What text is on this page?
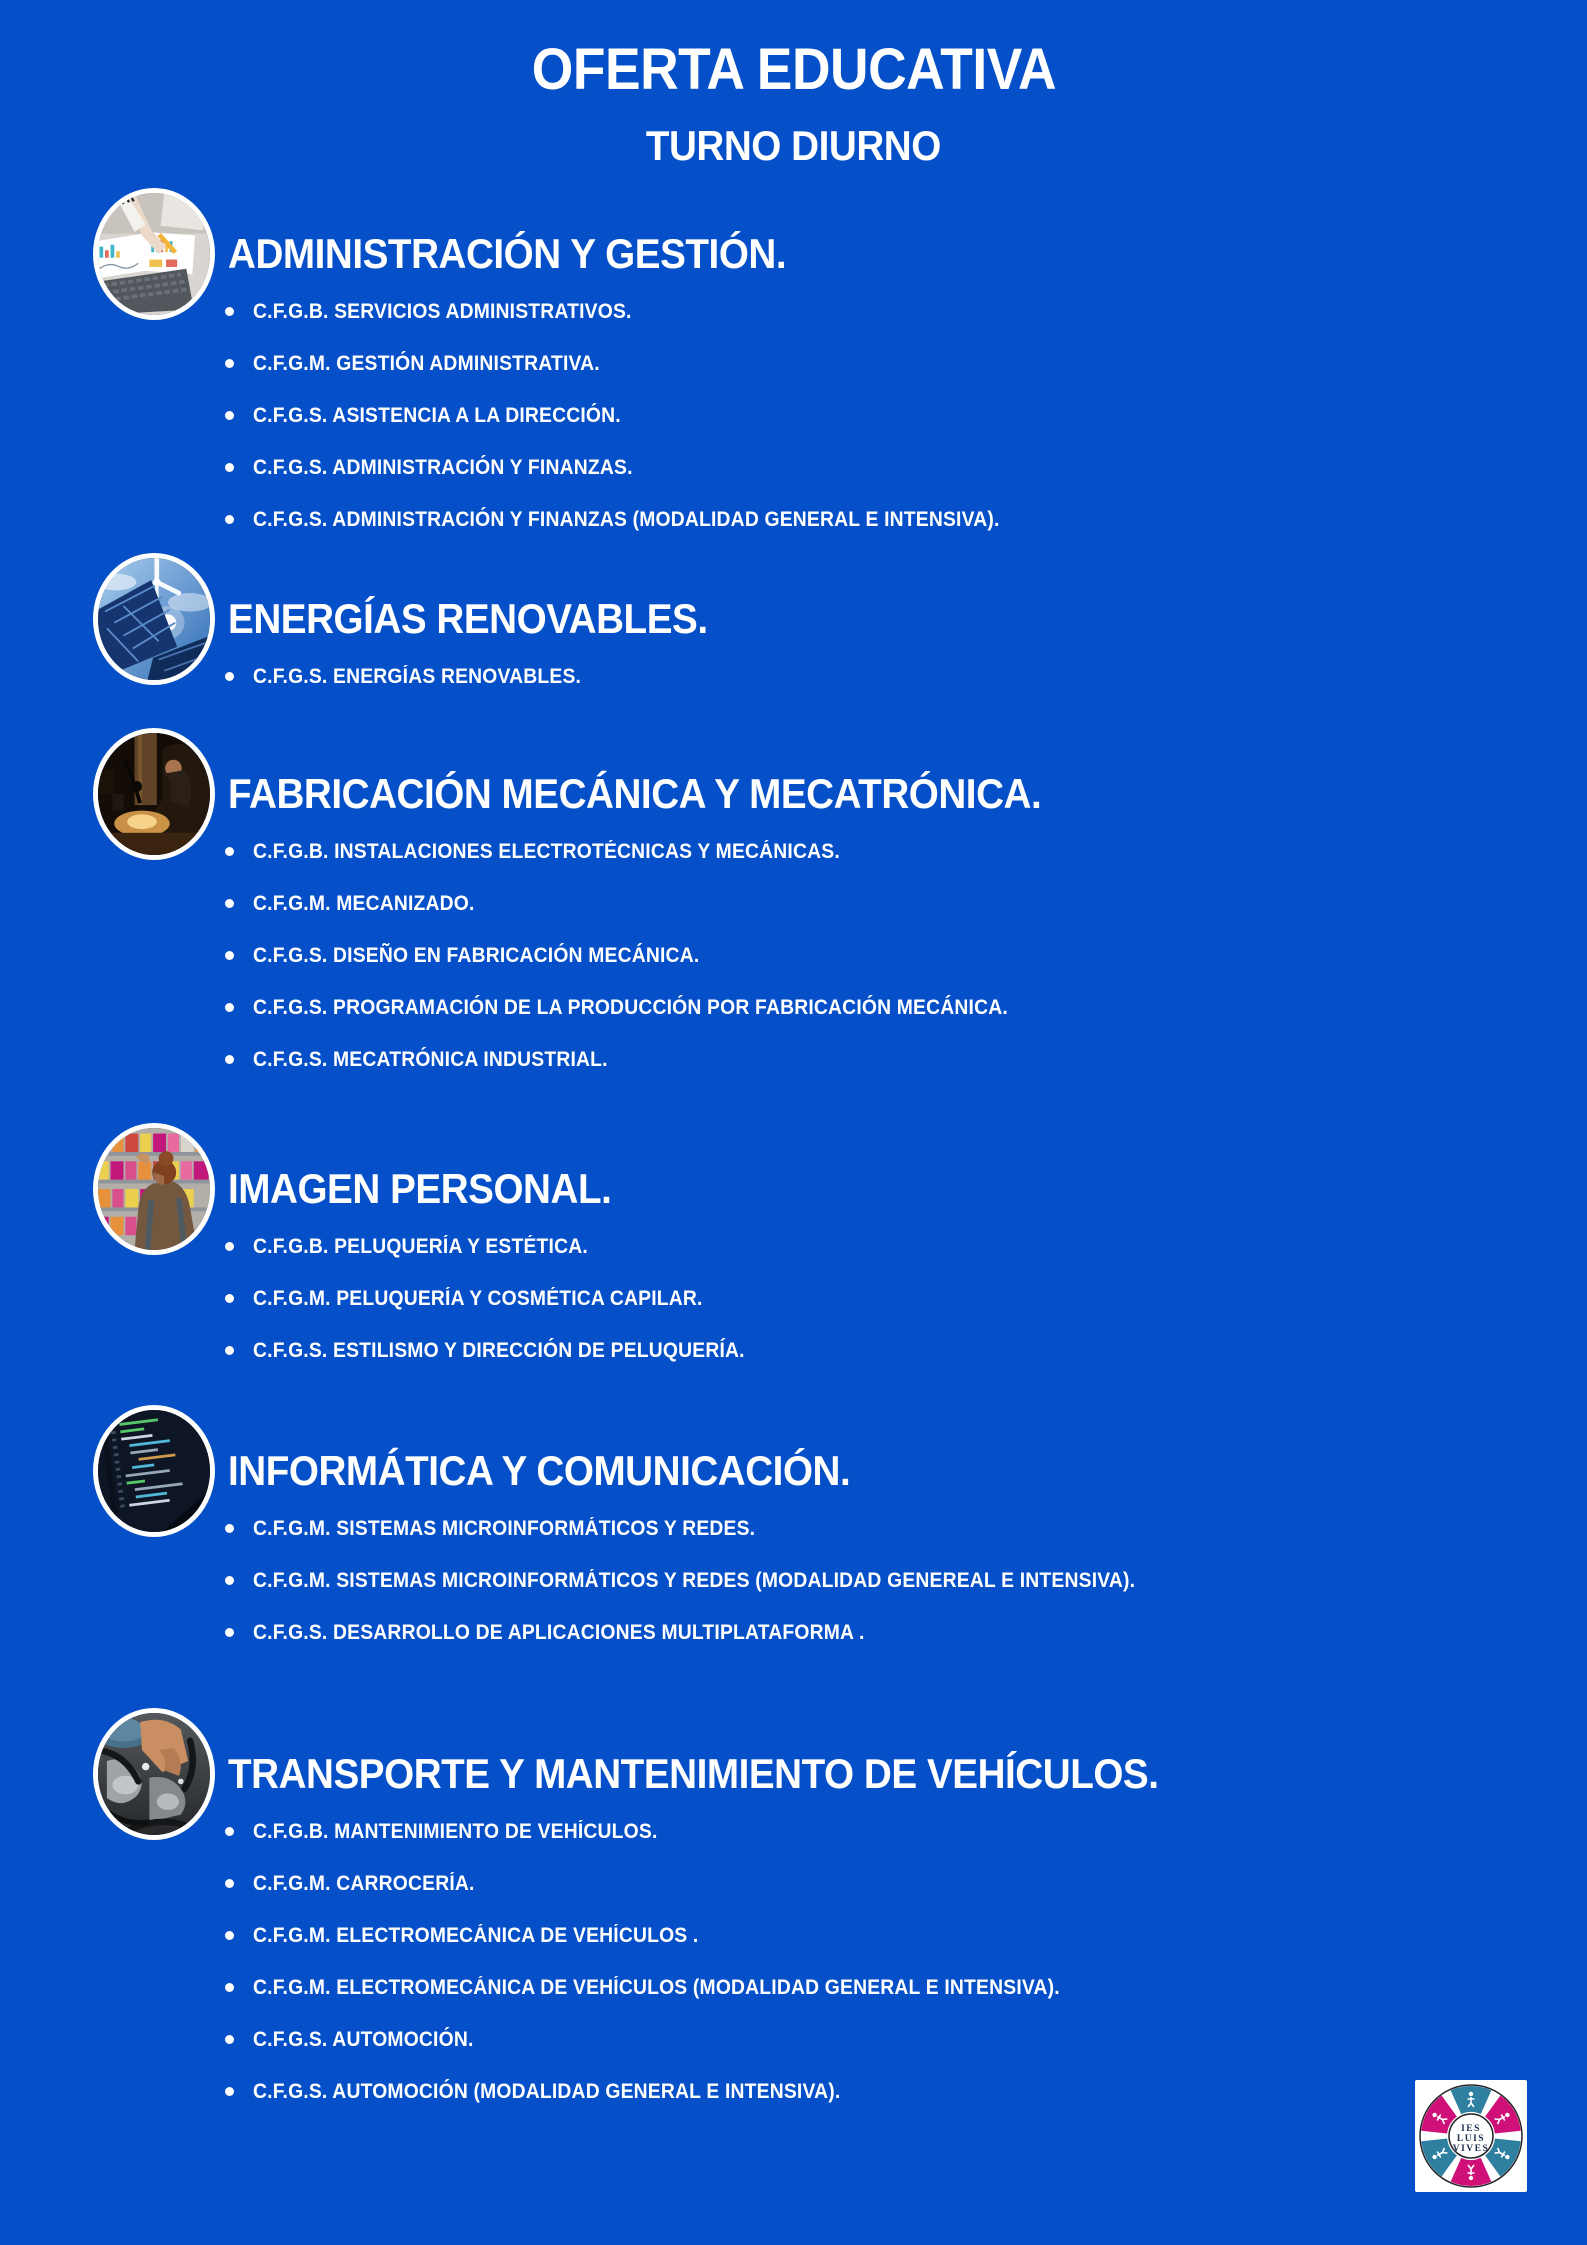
OFERTA EDUCATIVA
TURNO DIURNO
ADMINISTRACIÓN Y GESTIÓN.
C.F.G.B. SERVICIOS ADMINISTRATIVOS.
C.F.G.M. GESTIÓN ADMINISTRATIVA.
C.F.G.S. ASISTENCIA A LA DIRECCIÓN.
C.F.G.S. ADMINISTRACIÓN Y FINANZAS.
C.F.G.S. ADMINISTRACIÓN Y FINANZAS (MODALIDAD GENERAL E INTENSIVA).
ENERGÍAS RENOVABLES.
C.F.G.S. ENERGÍAS RENOVABLES.
FABRICACIÓN MECÁNICA Y MECATRÓNICA.
C.F.G.B. INSTALACIONES ELECTROTÉCNICAS Y MECÁNICAS.
C.F.G.M. MECANIZADO.
C.F.G.S. DISEÑO EN FABRICACIÓN MECÁNICA.
C.F.G.S. PROGRAMACIÓN DE LA PRODUCCIÓN POR FABRICACIÓN MECÁNICA.
C.F.G.S. MECATRÓNICA INDUSTRIAL.
IMAGEN PERSONAL.
C.F.G.B. PELUQUERÍA Y ESTÉTICA.
C.F.G.M. PELUQUERÍA Y COSMÉTICA CAPILAR.
C.F.G.S. ESTILISMO Y DIRECCIÓN DE PELUQUERÍA.
INFORMÁTICA Y COMUNICACIÓN.
C.F.G.M. SISTEMAS MICROINFORMÁTICOS Y REDES.
C.F.G.M. SISTEMAS MICROINFORMÁTICOS Y REDES (MODALIDAD GENEREAL E INTENSIVA).
C.F.G.S. DESARROLLO DE APLICACIONES MULTIPLATAFORMA .
TRANSPORTE Y MANTENIMIENTO DE VEHÍCULOS.
C.F.G.B. MANTENIMIENTO DE VEHÍCULOS.
C.F.G.M. CARROCERÍA.
C.F.G.M. ELECTROMECÁNICA DE VEHÍCULOS .
C.F.G.M. ELECTROMECÁNICA DE VEHÍCULOS (MODALIDAD GENERAL E INTENSIVA).
C.F.G.S. AUTOMOCIÓN.
C.F.G.S. AUTOMOCIÓN (MODALIDAD GENERAL E INTENSIVA).
IES
LUIS
VIVES
